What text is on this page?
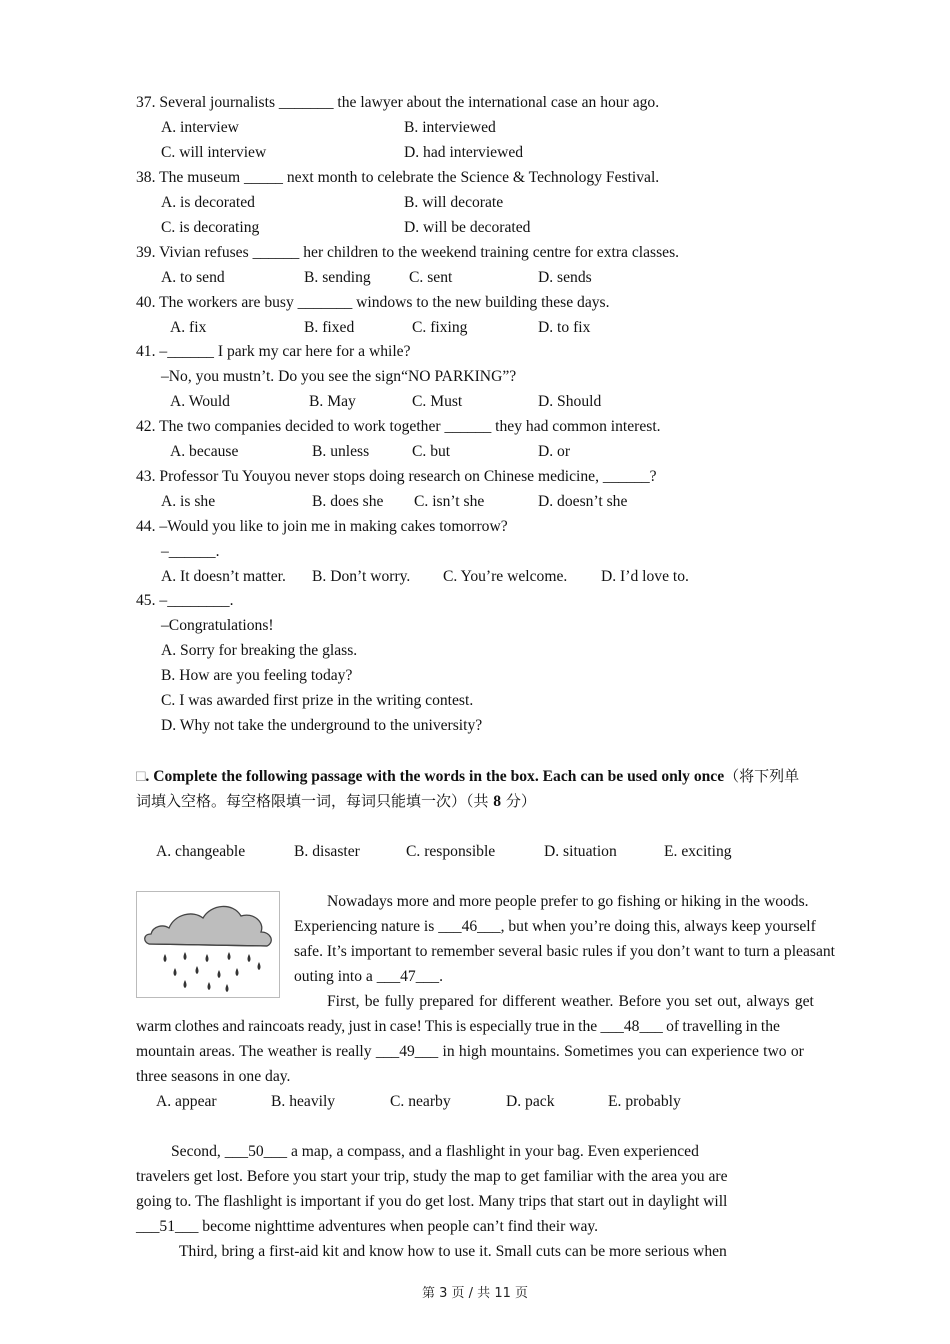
37. Several journalists _______ the lawyer about the international case an hour ago.
A. interview	B. interviewed
C. will interview	D. had interviewed
38. The museum _____ next month to celebrate the Science & Technology Festival.
A. is decorated	B. will decorate
C. is decorating	D. will be decorated
39. Vivian refuses ______ her children to the weekend training centre for extra classes.
A. to send	B. sending C. sent	D. sends
40. The workers are busy _______ windows to the new building these days.
A. fix	B. fixed	C. fixing	D. to fix
41. –______ I park my car here for a while?
–No, you mustn’t. Do you see the sign“NO PARKING”?
A. Would	B. May	C. Must	D. Should
42. The two companies decided to work together ______ they had common interest.
A. because	B. unless	C. but	D. or
43. Professor Tu Youyou never stops doing research on Chinese medicine, ______?
A. is she	B. does she C. isn’t she	D. doesn’t she
44. –Would you like to join me in making cakes tomorrow?
–______.
A. It doesn’t matter. B. Don’t worry. C. You’re welcome. D. I’d love to.
45. –________.
–Congratulations!
A. Sorry for breaking the glass.
B. How are you feeling today?
C. I was awarded first prize in the writing contest.
D. Why not take the underground to the university?
□. Complete the following passage with the words in the box. Each can be used only once（将下列单
词填入空格。每空格限填一词，每词只能填一次）（共 8 分）
A. changeable	B. disaster	C. responsible	D. situation	E. exciting
Nowadays more and more people prefer to go fishing or hiking in the woods.
Experiencing nature is ___46___, but when you’re doing this, always keep yourself
safe. It’s important to remember several basic rules if you don’t want to turn a pleasant
outing into a ___47___.
First, be fully prepared for different weather. Before you set out, always get
warm clothes and raincoats ready, just in case! This is especially true in the ___48___ of travelling in the
mountain areas. The weather is really ___49___ in high mountains. Sometimes you can experience two or
three seasons in one day.
A. appear	B. heavily	C. nearby	D. pack	E. probably
Second, ___50___ a map, a compass, and a flashlight in your bag. Even experienced
travelers get lost. Before you start your trip, study the map to get familiar with the area you are
going to. The flashlight is important if you do get lost. Many trips that start out in daylight will
___51___ become nighttime adventures when people can’t find their way.
Third, bring a first-aid kit and know how to use it. Small cuts can be more serious when
第 3 页 / 共 11 页
